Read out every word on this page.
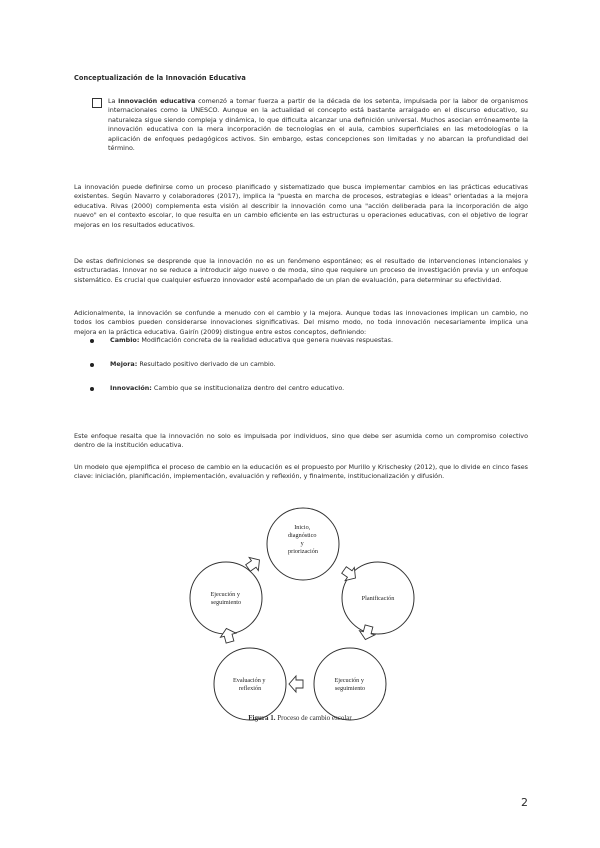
Conceptualización de la Innovación Educativa

La innovación educativa comenzó a tomar fuerza a partir de la década de los setenta, impulsada por la labor de organismos internacionales como la UNESCO. Aunque en la actualidad el concepto está bastante arraigado en el discurso educativo, su naturaleza sigue siendo compleja y dinámica, lo que dificulta alcanzar una definición universal. Muchos asocian erróneamente la innovación educativa con la mera incorporación de tecnologías en el aula, cambios superficiales en las metodologías o la aplicación de enfoques pedagógicos activos. Sin embargo, estas concepciones son limitadas y no abarcan la profundidad del término.

La innovación puede definirse como un proceso planificado y sistematizado que busca implementar cambios en las prácticas educativas existentes. Según Navarro y colaboradores (2017), implica la "puesta en marcha de procesos, estrategias e ideas" orientadas a la mejora educativa. Rivas (2000) complementa esta visión al describir la innovación como una "acción deliberada para la incorporación de algo nuevo" en el contexto escolar, lo que resulta en un cambio eficiente en las estructuras u operaciones educativas, con el objetivo de lograr mejoras en los resultados educativos.

De estas definiciones se desprende que la innovación no es un fenómeno espontáneo; es el resultado de intervenciones intencionales y estructuradas. Innovar no se reduce a introducir algo nuevo o de moda, sino que requiere un proceso de investigación previa y un enfoque sistemático. Es crucial que cualquier esfuerzo innovador esté acompañado de un plan de evaluación, para determinar su efectividad.

Adicionalmente, la innovación se confunde a menudo con el cambio y la mejora. Aunque todas las innovaciones implican un cambio, no todos los cambios pueden considerarse innovaciones significativas. Del mismo modo, no toda innovación necesariamente implica una mejora en la práctica educativa. Gairín (2009) distingue entre estos conceptos, definiendo:

Cambio: Modificación concreta de la realidad educativa que genera nuevas respuestas.
Mejora: Resultado positivo derivado de un cambio.
Innovación: Cambio que se institucionaliza dentro del centro educativo.

Este enfoque resalta que la innovación no solo es impulsada por individuos, sino que debe ser asumida como un compromiso colectivo dentro de la institución educativa.

Un modelo que ejemplifica el proceso de cambio en la educación es el propuesto por Murillo y Krischesky (2012), que lo divide en cinco fases clave: iniciación, planificación, implementación, evaluación y reflexión, y finalmente, institucionalización y difusión.

Inicio, diagnóstico y priorización
Planificación
Ejecución y seguimiento
Evaluación y reflexión
Ejecución y seguimiento
Figura 1. Proceso de cambio escolar
2
